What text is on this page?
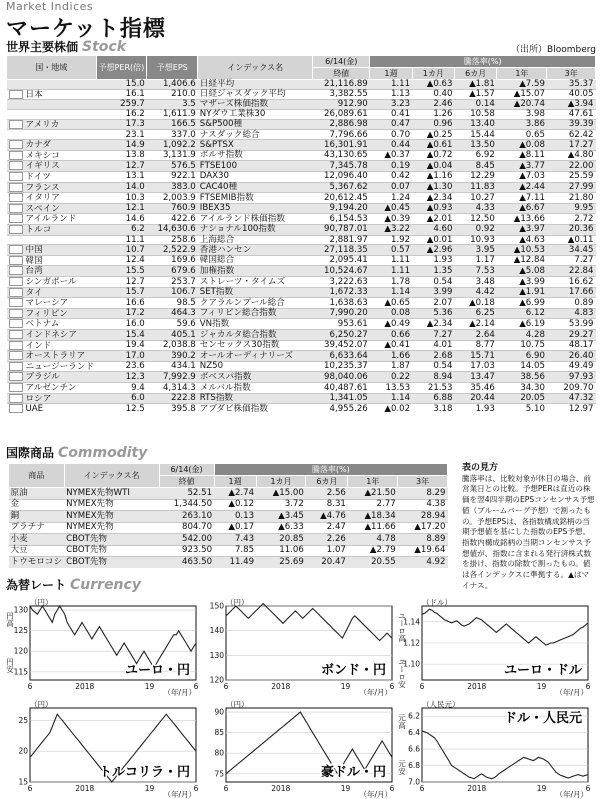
Market Indices
マーケット指標
世界主要株価 Stock	（出所）Bloomberg
国・地域	予想PER(倍)	予想EPS	インデックス名	6/14(金)	騰落率(%)				
				終値	1週	1カ月	6カ月	1年	3年
	15.0	1,406.6	日経平均	21,116.89	1.11	▲0.63	▲1.81	▲7.59	35.37
日本	16.1	210.0	日経ジャスダック平均	3,382.55	1.13	0.40	▲1.57	▲15.07	40.05
	259.7	3.5	マザーズ株価指数	912.90	3.23	2.46	0.14	▲20.74	▲3.94
	16.2	1,611.9	NYダウ工業株30	26,089.61	0.41	1.26	10.58	3.98	47.61
アメリカ	17.3	166.5	S&P500種	2,886.98	0.47	0.96	13.40	3.86	39.39
	23.1	337.0	ナスダック総合	7,796.66	0.70	▲0.25	15.44	0.65	62.42
カナダ	14.9	1,092.2	S&PTSX	16,301.91	0.44	▲0.61	13.50	▲0.08	17.27
メキシコ	13.8	3,131.9	ボルサ指数	43,130.65	▲0.37	▲0.72	6.92	▲8.11	▲4.80
イギリス	12.7	576.5	FTSE100	7,345.78	0.19	▲0.04	8.45	▲3.77	22.00
ドイツ	13.1	922.1	DAX30	12,096.40	0.42	▲1.16	12.29	▲7.03	25.59
フランス	14.0	383.0	CAC40種	5,367.62	0.07	▲1.30	11.83	▲2.44	27.99
イタリア	10.3	2,003.9	FTSEMIB指数	20,612.45	1.24	▲2.34	10.27	▲7.11	21.80
スペイン	12.1	760.9	IBEX35	9,194.20	▲0.45	▲0.93	4.33	▲6.67	9.95
アイルランド	14.6	422.6	アイルランド株価指数	6,154.53	▲0.39	▲2.01	12.50	▲13.66	2.72
トルコ	6.2	14,630.6	ナショナル100指数	90,787.01	▲3.22	4.60	0.92	▲3.97	20.36
	11.1	258.6	上海総合	2,881.97	1.92	▲0.01	10.93	▲4.63	▲0.11
中国	10.7	2,522.9	香港ハンセン	27,118.35	0.57	▲2.96	3.95	▲10.53	34.45
韓国	12.4	169.6	韓国総合	2,095.41	1.11	1.93	1.17	▲12.84	7.27
台湾	15.5	679.6	加権指数	10,524.67	1.11	1.35	7.53	▲5.08	22.84
シンガポール	12.7	253.7	ストレーツ・タイムズ	3,222.63	1.78	0.54	3.48	▲3.99	16.62
タイ	15.7	106.7	SET指数	1,672.33	1.14	3.99	4.42	▲1.91	17.66
マレーシア	16.6	98.5	クアラルンプール総合	1,638.63	▲0.65	2.07	▲0.18	▲6.99	0.89
フィリピン	17.2	464.3	フィリピン総合指数	7,990.20	0.08	5.36	6.25	6.12	4.83
ベトナム	16.0	59.6	VN指数	953.61	▲0.49	▲2.34	▲2.14	▲6.19	53.99
インドネシア	15.4	405.1	ジャカルタ総合指数	6,250.27	0.66	7.27	2.64	4.28	29.27
インド	19.4	2,038.8	センセックス30指数	39,452.07	▲0.41	4.01	8.77	10.75	48.17
オーストラリア	17.0	390.2	オールオーディナリーズ	6,633.64	1.66	2.68	15.71	6.90	26.40
ニュージーランド	23.6	434.1	NZ50	10,235.37	1.87	0.54	17.03	14.05	49.49
ブラジル	12.3	7,992.9	ボベスパ指数	98,040.06	0.22	8.94	13.47	38.56	97.93
アルゼンチン	9.4	4,314.3	メルバル指数	40,487.61	13.53	21.53	35.46	34.30	209.70
ロシア	6.0	222.8	RTS指数	1,341.05	1.14	6.88	20.44	20.05	47.32
UAE	12.5	395.8	アブダビ株価指数	4,955.26	▲0.02	3.18	1.93	5.10	12.97
国際商品 Commodity
商品	インデックス名	6/14(金)	騰落率(%)				
		終値	1週	1カ月	6カ月	1年	3年
原油	NYMEX先物WTI	52.51	▲2.74	▲15.00	2.56	▲21.50	8.29
金	NYMEX先物	1,344.50	▲0.12	3.72	8.31	2.77	4.38
銅	NYMEX先物	263.10	0.13	▲3.45	▲4.76	▲18.34	28.94
プラチナ	NYMEX先物	804.70	▲0.17	▲6.33	2.47	▲11.66	▲17.20
小麦	CBOT先物	542.00	7.43	20.85	2.26	4.78	8.89
大豆	CBOT先物	923.50	7.85	11.06	1.07	▲2.79	▲19.64
トウモロコシ	CBOT先物	463.50	11.49	25.69	20.47	20.55	4.92
表の見方
騰落率は、比較対象が休日の場合、前営業日との比較。予想PERは直近の株価を翌4四半期のEPSコンセンサス予想値（ブルームバーグ予想）で割ったもの。予想EPSは、各指数構成銘柄の当期予想値を基にした指数のEPS予想。指数内構成銘柄の当期コンセンサス予想値が、指数に含まれる発行済株式数を掛け、指数の除数で割ったもの。値は各インデックスに準拠する。▲はマイナス。
為替レート Currency
130
125
120
115
（円）
6	2018	19	6
（年/月）
円高
円安	ユーロ・円
150
140
130
120
（円）
6	2018	19	6
（年/月）
ボンド・円
1.14
1.12
1.10
（ドル）
6	2018	19	6
（年/月）
ユーロ高
ユーロ安	ユーロ・ドル
25
20
15
（円）
6	2018	19	6
（年/月）
トルコリラ・円
90
85
80
75
（円）
6	2018	19	6
（年/月）
豪ドル・円
6.2
6.4
6.6
6.8
7.0
（人民元）
6	2018	19	6
（年/月）
元高
元安
ドル・人民元
